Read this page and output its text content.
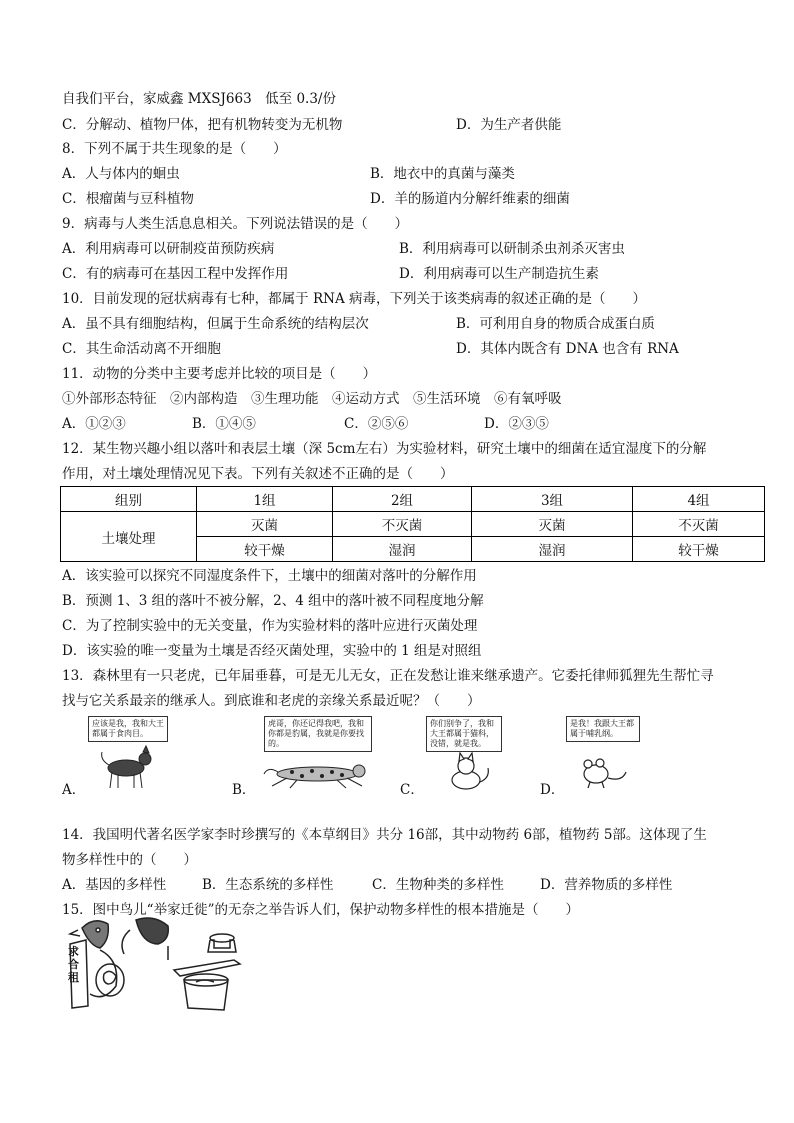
自我们平台，家威鑫 MXSJ663　低至 0.3/份
C．分解动、植物尸体，把有机物转变为无机物	D．为生产者供能
8．下列不属于共生现象的是（　　）
A．人与体内的蛔虫	B．地衣中的真菌与藻类
C．根瘤菌与豆科植物	D．羊的肠道内分解纤维素的细菌
9．病毒与人类生活息息相关。下列说法错误的是（　　）
A．利用病毒可以研制疫苗预防疾病	B．利用病毒可以研制杀虫剂杀灭害虫
C．有的病毒可在基因工程中发挥作用	D．利用病毒可以生产制造抗生素
10．目前发现的冠状病毒有七种，都属于 RNA 病毒，下列关于该类病毒的叙述正确的是（　　）
A．虽不具有细胞结构，但属于生命系统的结构层次	B．可利用自身的物质合成蛋白质
C．其生命活动离不开细胞	D．其体内既含有 DNA 也含有 RNA
11．动物的分类中主要考虑并比较的项目是（　　）
①外部形态特征　②内部构造　③生理功能　④运动方式　⑤生活环境　⑥有氧呼吸
A．①②③	B．①④⑤	C．②⑤⑥	D．②③⑤
12．某生物兴趣小组以落叶和表层土壤（深 5cm左右）为实验材料，研究土壤中的细菌在适宜湿度下的分解
作用，对土壤处理情况见下表。下列有关叙述不正确的是（　　）
组别	1组	2组	3组	4组
土壤处理	灭菌	不灭菌	灭菌	不灭菌
	较干燥	湿润	湿润	较干燥
A．该实验可以探究不同湿度条件下，土壤中的细菌对落叶的分解作用
B．预测 1、3 组的落叶不被分解，2、4 组中的落叶被不同程度地分解
C．为了控制实验中的无关变量，作为实验材料的落叶应进行灭菌处理
D．该实验的唯一变量为土壤是否经灭菌处理，实验中的 1 组是对照组
13．森林里有一只老虎，已年届垂暮，可是无儿无女，正在发愁让谁来继承遗产。它委托律师狐狸先生帮忙寻
找与它关系最亲的继承人。到底谁和老虎的亲缘关系最近呢？（　　）
A．
应该是我，我和大王都属于食肉目。
B．
虎哥，你还记得我吧，我和你都是豹属，我就是你要找的。
C．
你们别争了，我和大王都属于猫科，没错，就是我。
D．
是我！我跟大王都属于哺乳纲。
14．我国明代著名医学家李时珍撰写的《本草纲目》共分 16部，其中动物药 6部，植物药 5部。这体现了生
物多样性中的（　　）
A．基因的多样性	B．生态系统的多样性	C．生物种类的多样性	D．营养物质的多样性
15．图中鸟儿“举家迁徙”的无奈之举告诉人们，保护动物多样性的根本措施是（　　）
求合租
